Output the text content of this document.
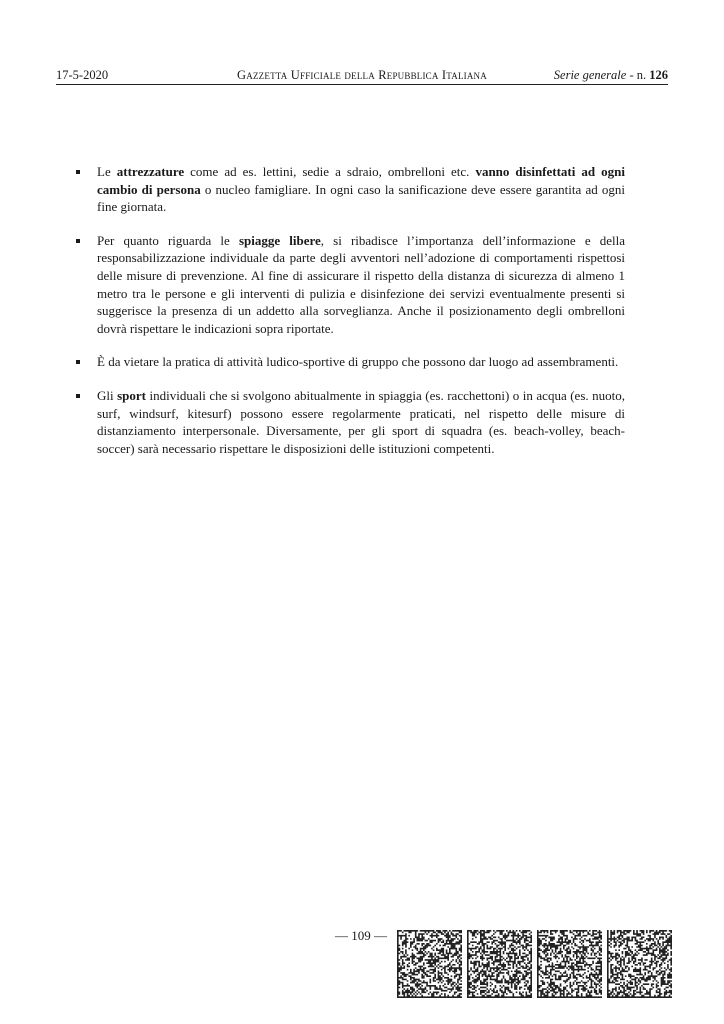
17-5-2020	Gazzetta Ufficiale della Repubblica Italiana	Serie generale - n. 126
Le attrezzature come ad es. lettini, sedie a sdraio, ombrelloni etc. vanno disinfettati ad ogni cambio di persona o nucleo famigliare. In ogni caso la sanificazione deve essere garantita ad ogni fine giornata.
Per quanto riguarda le spiagge libere, si ribadisce l’importanza dell’informazione e della responsabilizzazione individuale da parte degli avventori nell’adozione di comportamenti rispettosi delle misure di prevenzione. Al fine di assicurare il rispetto della distanza di sicurezza di almeno 1 metro tra le persone e gli interventi di pulizia e disinfezione dei servizi eventualmente presenti si suggerisce la presenza di un addetto alla sorveglianza. Anche il posizionamento degli ombrelloni dovrà rispettare le indicazioni sopra riportate.
È da vietare la pratica di attività ludico-sportive di gruppo che possono dar luogo ad assembramenti.
Gli sport individuali che si svolgono abitualmente in spiaggia (es. racchettoni) o in acqua (es. nuoto, surf, windsurf, kitesurf) possono essere regolarmente praticati, nel rispetto delle misure di distanziamento interpersonale. Diversamente, per gli sport di squadra (es. beach-volley, beach-soccer) sarà necessario rispettare le disposizioni delle istituzioni competenti.
— 109 —
